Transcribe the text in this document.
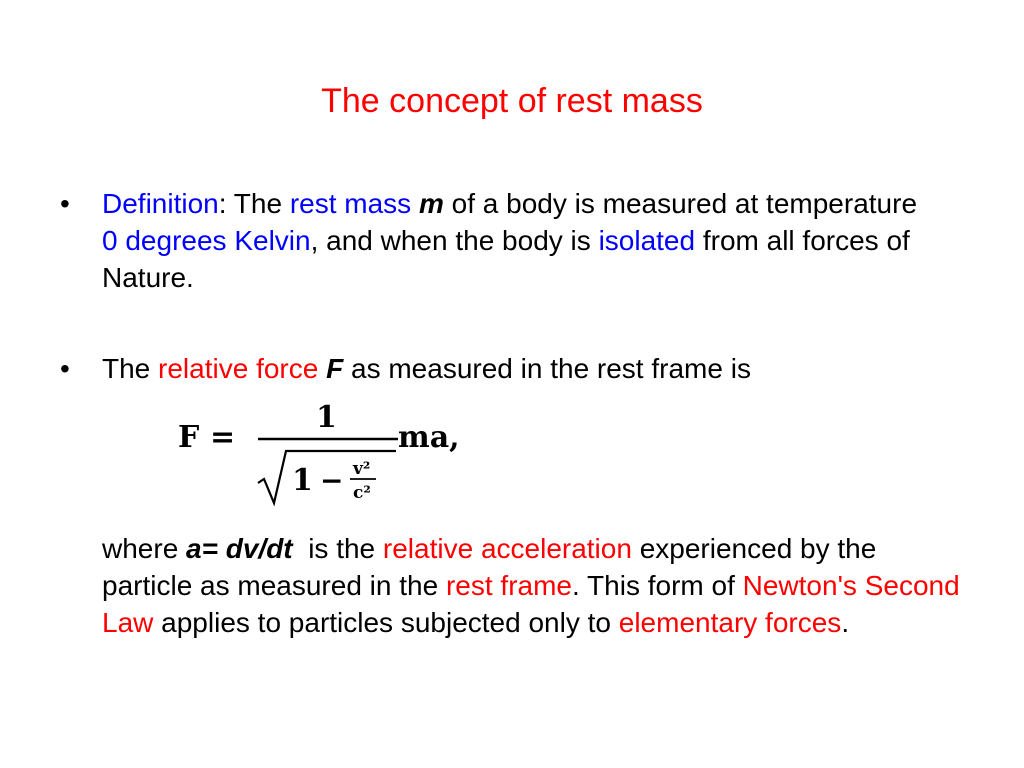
The concept of rest mass
•	Definition: The rest mass m of a body is measured at temperature 0 degrees Kelvin, and when the body is isolated from all forces of Nature.
•	The relative force F as measured in the rest frame is
F =
1
1 − v²
c²
ma,
where a= dv/dt  is the relative acceleration experienced by the particle as measured in the rest frame. This form of Newton's Second Law applies to particles subjected only to elementary forces.
